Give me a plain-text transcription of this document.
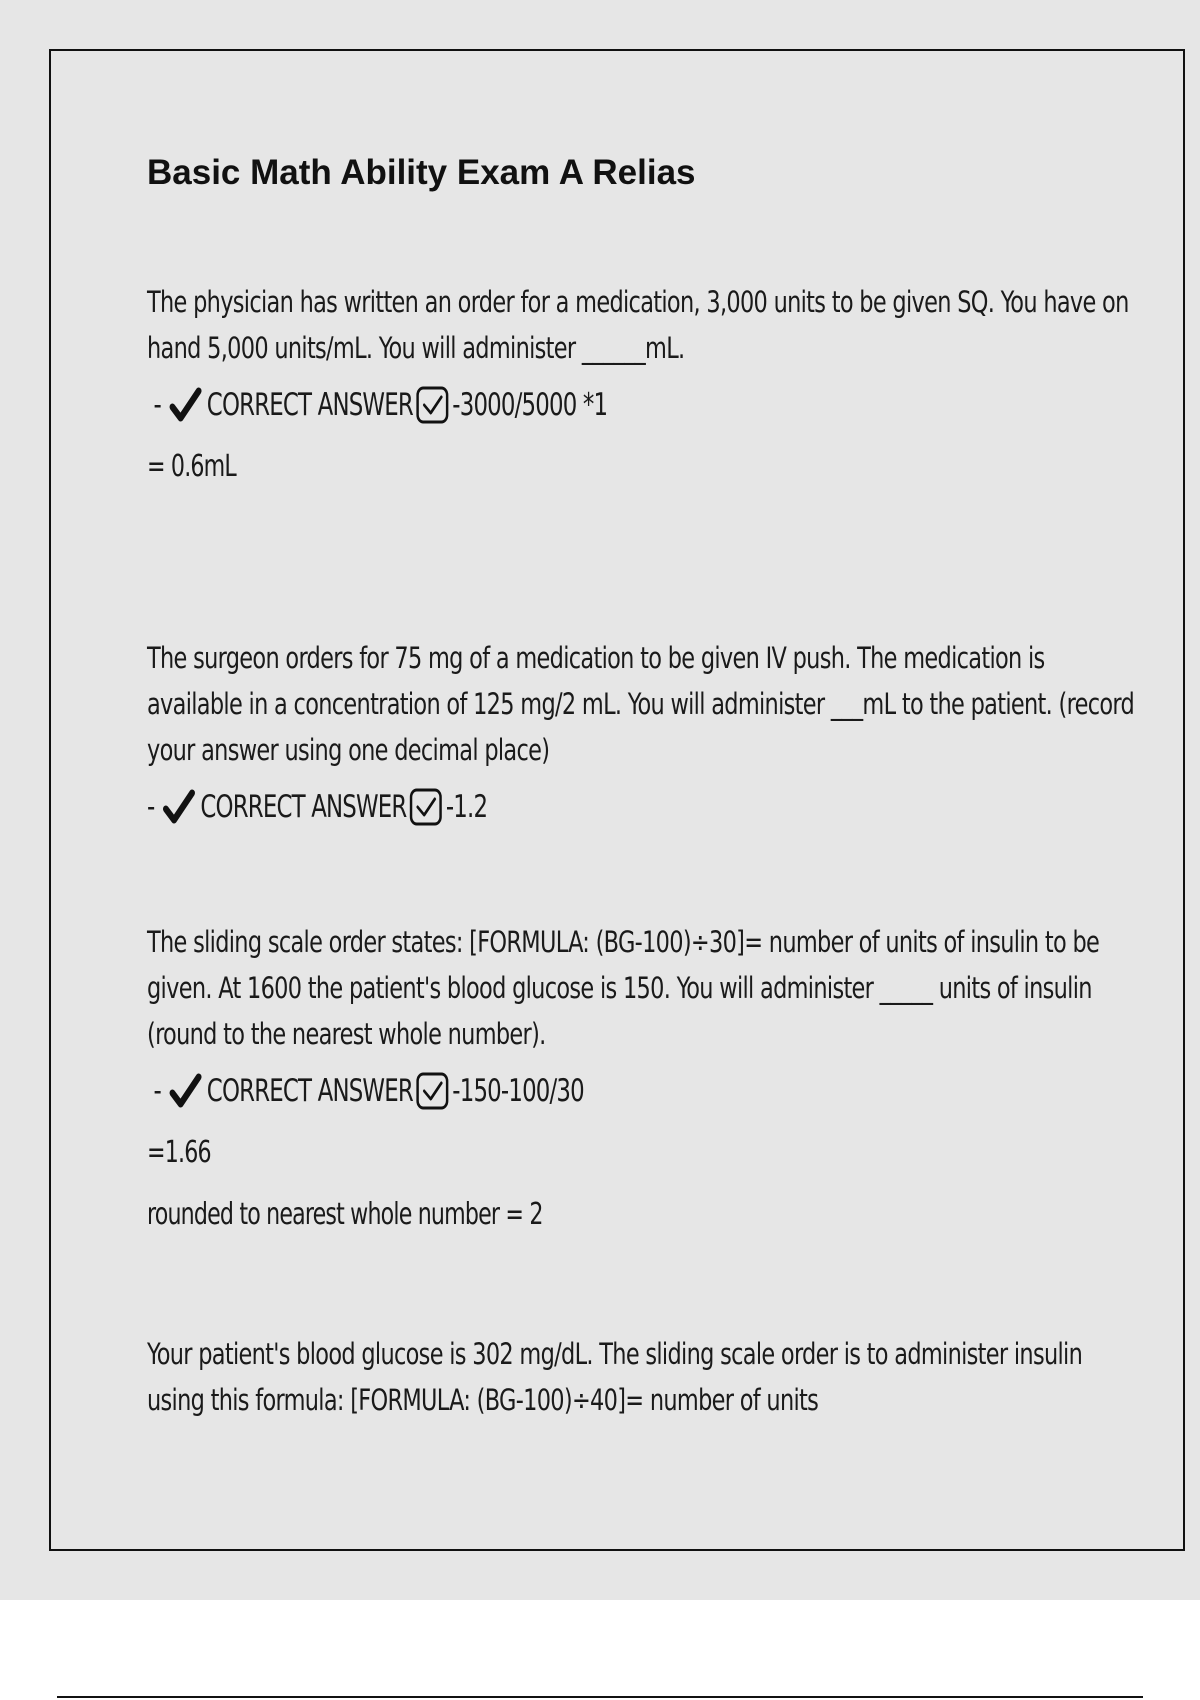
Basic Math Ability Exam A Relias

The physician has written an order for a medication, 3,000 units to be given SQ. You have on hand 5,000 units/mL. You will administer ______mL.

- CORRECT ANSWER -3000/5000 *1
= 0.6mL

The surgeon orders for 75 mg of a medication to be given IV push. The medication is available in a concentration of 125 mg/2 mL. You will administer ___mL to the patient. (record your answer using one decimal place)

- CORRECT ANSWER -1.2

The sliding scale order states: [FORMULA: (BG-100)÷30]= number of units of insulin to be given. At 1600 the patient's blood glucose is 150. You will administer _____ units of insulin (round to the nearest whole number).

- CORRECT ANSWER -150-100/30
=1.66
rounded to nearest whole number = 2

Your patient's blood glucose is 302 mg/dL. The sliding scale order is to administer insulin using this formula: [FORMULA: (BG-100)÷40]= number of units
